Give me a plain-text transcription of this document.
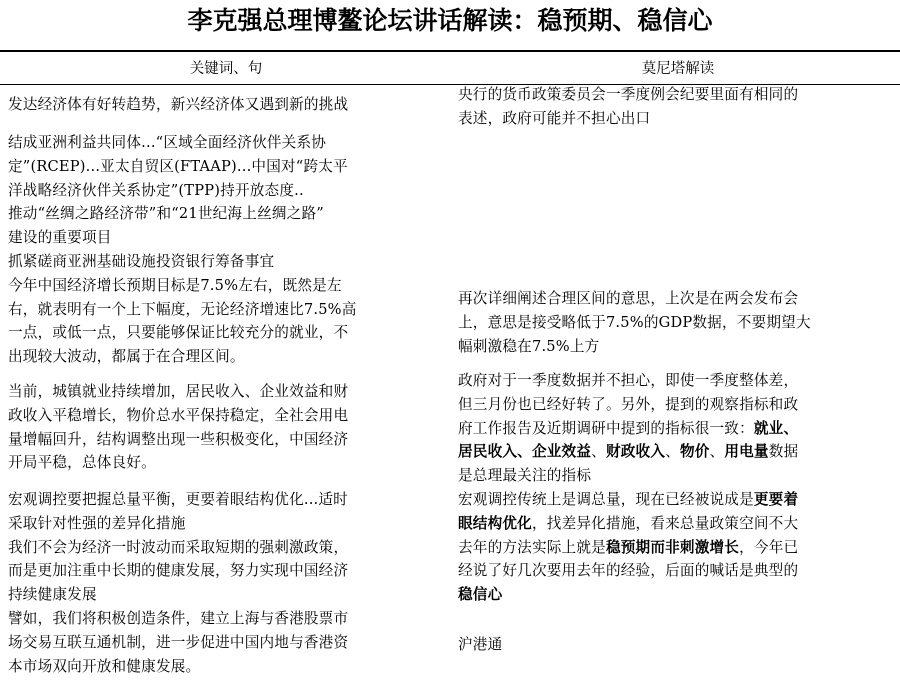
李克强总理博鳌论坛讲话解读：稳预期、稳信心
关键词、句	莫尼塔解读
发达经济体有好转趋势，新兴经济体又遇到新的挑战
结成亚洲利益共同体...“区域全面经济伙伴关系协
定”(RCEP)...亚太自贸区(FTAAP)...中国对“跨太平
洋战略经济伙伴关系协定”(TPP)持开放态度..
推动“丝绸之路经济带”和“21世纪海上丝绸之路”
建设的重要项目
抓紧磋商亚洲基础设施投资银行筹备事宜
今年中国经济增长预期目标是7.5%左右，既然是左
右，就表明有一个上下幅度，无论经济增速比7.5%高
一点，或低一点，只要能够保证比较充分的就业，不
出现较大波动，都属于在合理区间。
当前，城镇就业持续增加，居民收入、企业效益和财
政收入平稳增长，物价总水平保持稳定，全社会用电
量增幅回升，结构调整出现一些积极变化，中国经济
开局平稳，总体良好。
宏观调控要把握总量平衡，更要着眼结构优化...适时
采取针对性强的差异化措施
我们不会为经济一时波动而采取短期的强刺激政策，
而是更加注重中长期的健康发展，努力实现中国经济
持续健康发展
譬如，我们将积极创造条件，建立上海与香港股票市
场交易互联互通机制，进一步促进中国内地与香港资
本市场双向开放和健康发展。
央行的货币政策委员会一季度例会纪要里面有相同的
表述，政府可能并不担心出口
再次详细阐述合理区间的意思，上次是在两会发布会
上，意思是接受略低于7.5%的GDP数据，不要期望大
幅刺激稳在7.5%上方
政府对于一季度数据并不担心，即使一季度整体差，
但三月份也已经好转了。另外，提到的观察指标和政
府工作报告及近期调研中提到的指标很一致：就业、
居民收入、企业效益、财政收入、物价、用电量数据
是总理最关注的指标
宏观调控传统上是调总量，现在已经被说成是更要着
眼结构优化，找差异化措施，看来总量政策空间不大
去年的方法实际上就是稳预期而非刺激增长，今年已
经说了好几次要用去年的经验，后面的喊话是典型的
稳信心
沪港通
